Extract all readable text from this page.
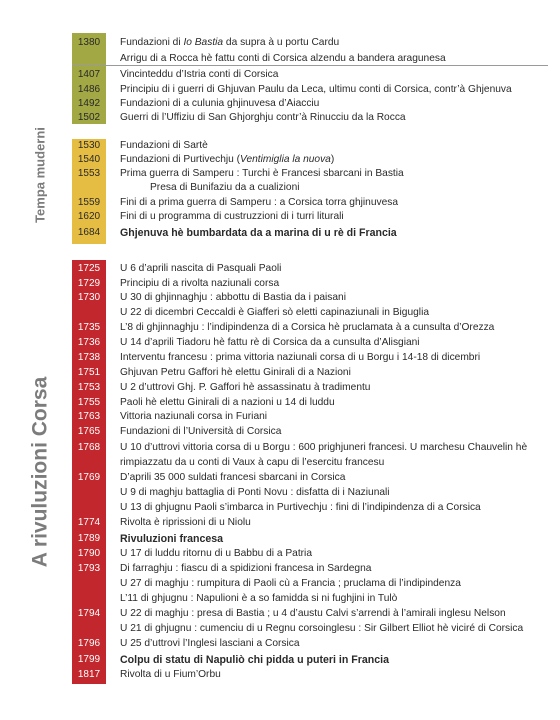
Tempa muderni
A rivuluzioni Corsa
1380	Fundazioni di Io Bastia da supra à u portu Cardu
Arrigu di a Rocca hè fattu conti di Corsica alzendu a bandera aragunesa
1407	Vincinteddu d’Istria conti di Corsica
1486	Principiu di i guerri di Ghjuvan Paulu da Leca, ultimu conti di Corsica, contr’à Ghjenuva
1492	Fundazioni di a culunia ghjinuvesa d’Aiacciu
1502	Guerri di l’Uffiziu di San Ghjorghju contr’à Rinucciu da la Rocca
1530	Fundazioni di Sartè
1540	Fundazioni di Purtivechju (Ventimiglia la nuova)
1553	Prima guerra di Samperu : Turchi è Francesi sbarcani in Bastia
Presa di Bunifaziu da a cualizioni
1559	Fini di a prima guerra di Samperu : a Corsica torra ghjinuvesa
1620	Fini di u programma di custruzzioni di i turri liturali
1684	Ghjenuva hè bumbardata da a marina di u rè di Francia
1725	U 6 d’aprili nascita di Pasquali Paoli
1729	Principiu di a rivolta naziunali corsa
1730	U 30 di ghjinnaghju : abbottu di Bastia da i paisani
U 22 di dicembri Ceccaldi è Giafferi sò eletti capinaziunali in Biguglia
1735	L’8 di ghjinnaghju : l’indipindenza di a Corsica hè pruclamata à a cunsulta d’Orezza
1736	U 14 d’aprili Tiadoru hè fattu rè di Corsica da a cunsulta d’Alisgiani
1738	Interventu francesu : prima vittoria naziunali corsa di u Borgu i 14-18 di dicembri
1751	Ghjuvan Petru Gaffori hè elettu Ginirali di a Nazioni
1753	U 2 d’uttrovi Ghj. P. Gaffori hè assassinatu à tradimentu
1755	Paoli hè elettu Ginirali di a nazioni u 14 di luddu
1763	Vittoria naziunali corsa in Furiani
1765	Fundazioni di l’Università di Corsica
1768	U 10 d’uttrovi vittoria corsa di u Borgu : 600 prighjuneri francesi. U marchesu Chauvelin hè
rimpiazzatu da u conti di Vaux à capu di l’esercitu francesu
1769	D’aprili 35 000 suldati francesi sbarcani in Corsica
U 9 di maghju battaglia di Ponti Novu : disfatta di i Naziunali
U 13 di ghjugnu Paoli s’imbarca in Purtivechju : fini di l’indipindenza di a Corsica
1774	Rivolta è riprissioni di u Niolu
1789	Rivuluzioni francesa
1790	U 17 di luddu ritornu di u Babbu di a Patria
1793	Di farraghju : fiascu di a spidizioni francesa in Sardegna
U 27 di maghju : rumpitura di Paoli cù a Francia ; pruclama di l’indipindenza
L’11 di ghjugnu : Napulioni è a so famidda si ni fughjini in Tulò
1794	U 22 di maghju : presa di Bastia ; u 4 d’austu Calvi s’arrendi à l’amirali inglesu Nelson
U 21 di ghjugnu : cumenciu di u Regnu corsoinglesu : Sir Gilbert Elliot hè viciré di Corsica
1796	U 25 d’uttrovi l’Inglesi lasciani a Corsica
1799	Colpu di statu di Napuliò chi pidda u puteri in Francia
1817	Rivolta di u Fium’Orbu
